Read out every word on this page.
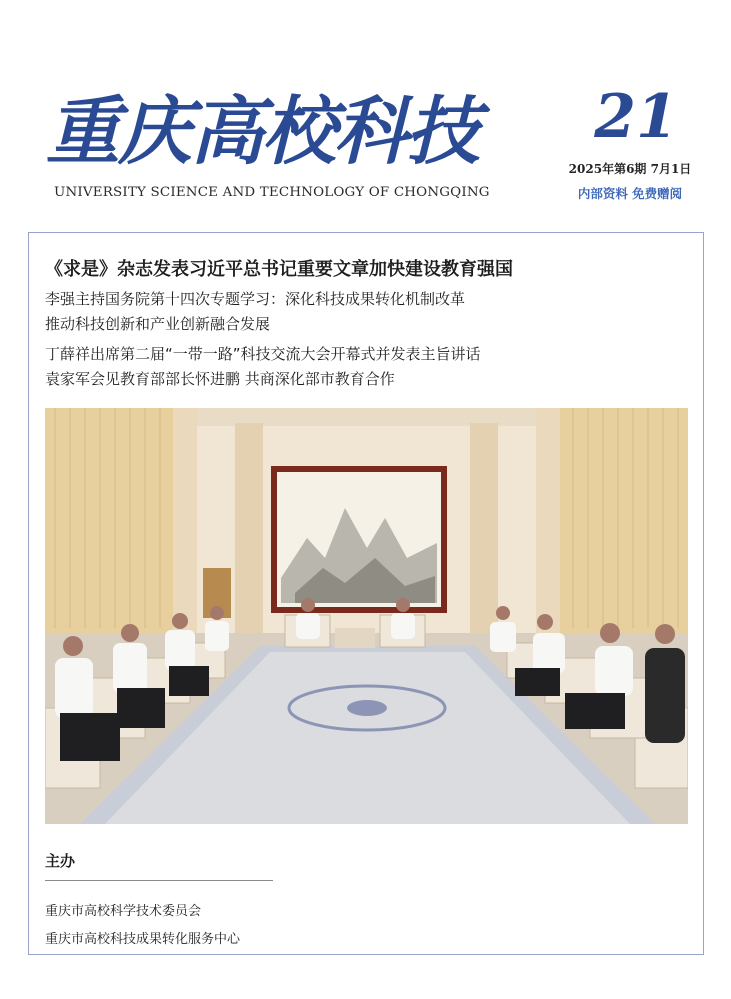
重庆高校科技
UNIVERSITY SCIENCE AND TECHNOLOGY OF CHONGQING
21
2025年第6期 7月1日
内部资料 免费赠阅
《求是》杂志发表习近平总书记重要文章加快建设教育强国
李强主持国务院第十四次专题学习：深化科技成果转化机制改革
推动科技创新和产业创新融合发展
丁薛祥出席第二届“一带一路”科技交流大会开幕式并发表主旨讲话
袁家军会见教育部部长怀进鹏 共商深化部市教育合作
主办
重庆市高校科学技术委员会
重庆市高校科技成果转化服务中心
